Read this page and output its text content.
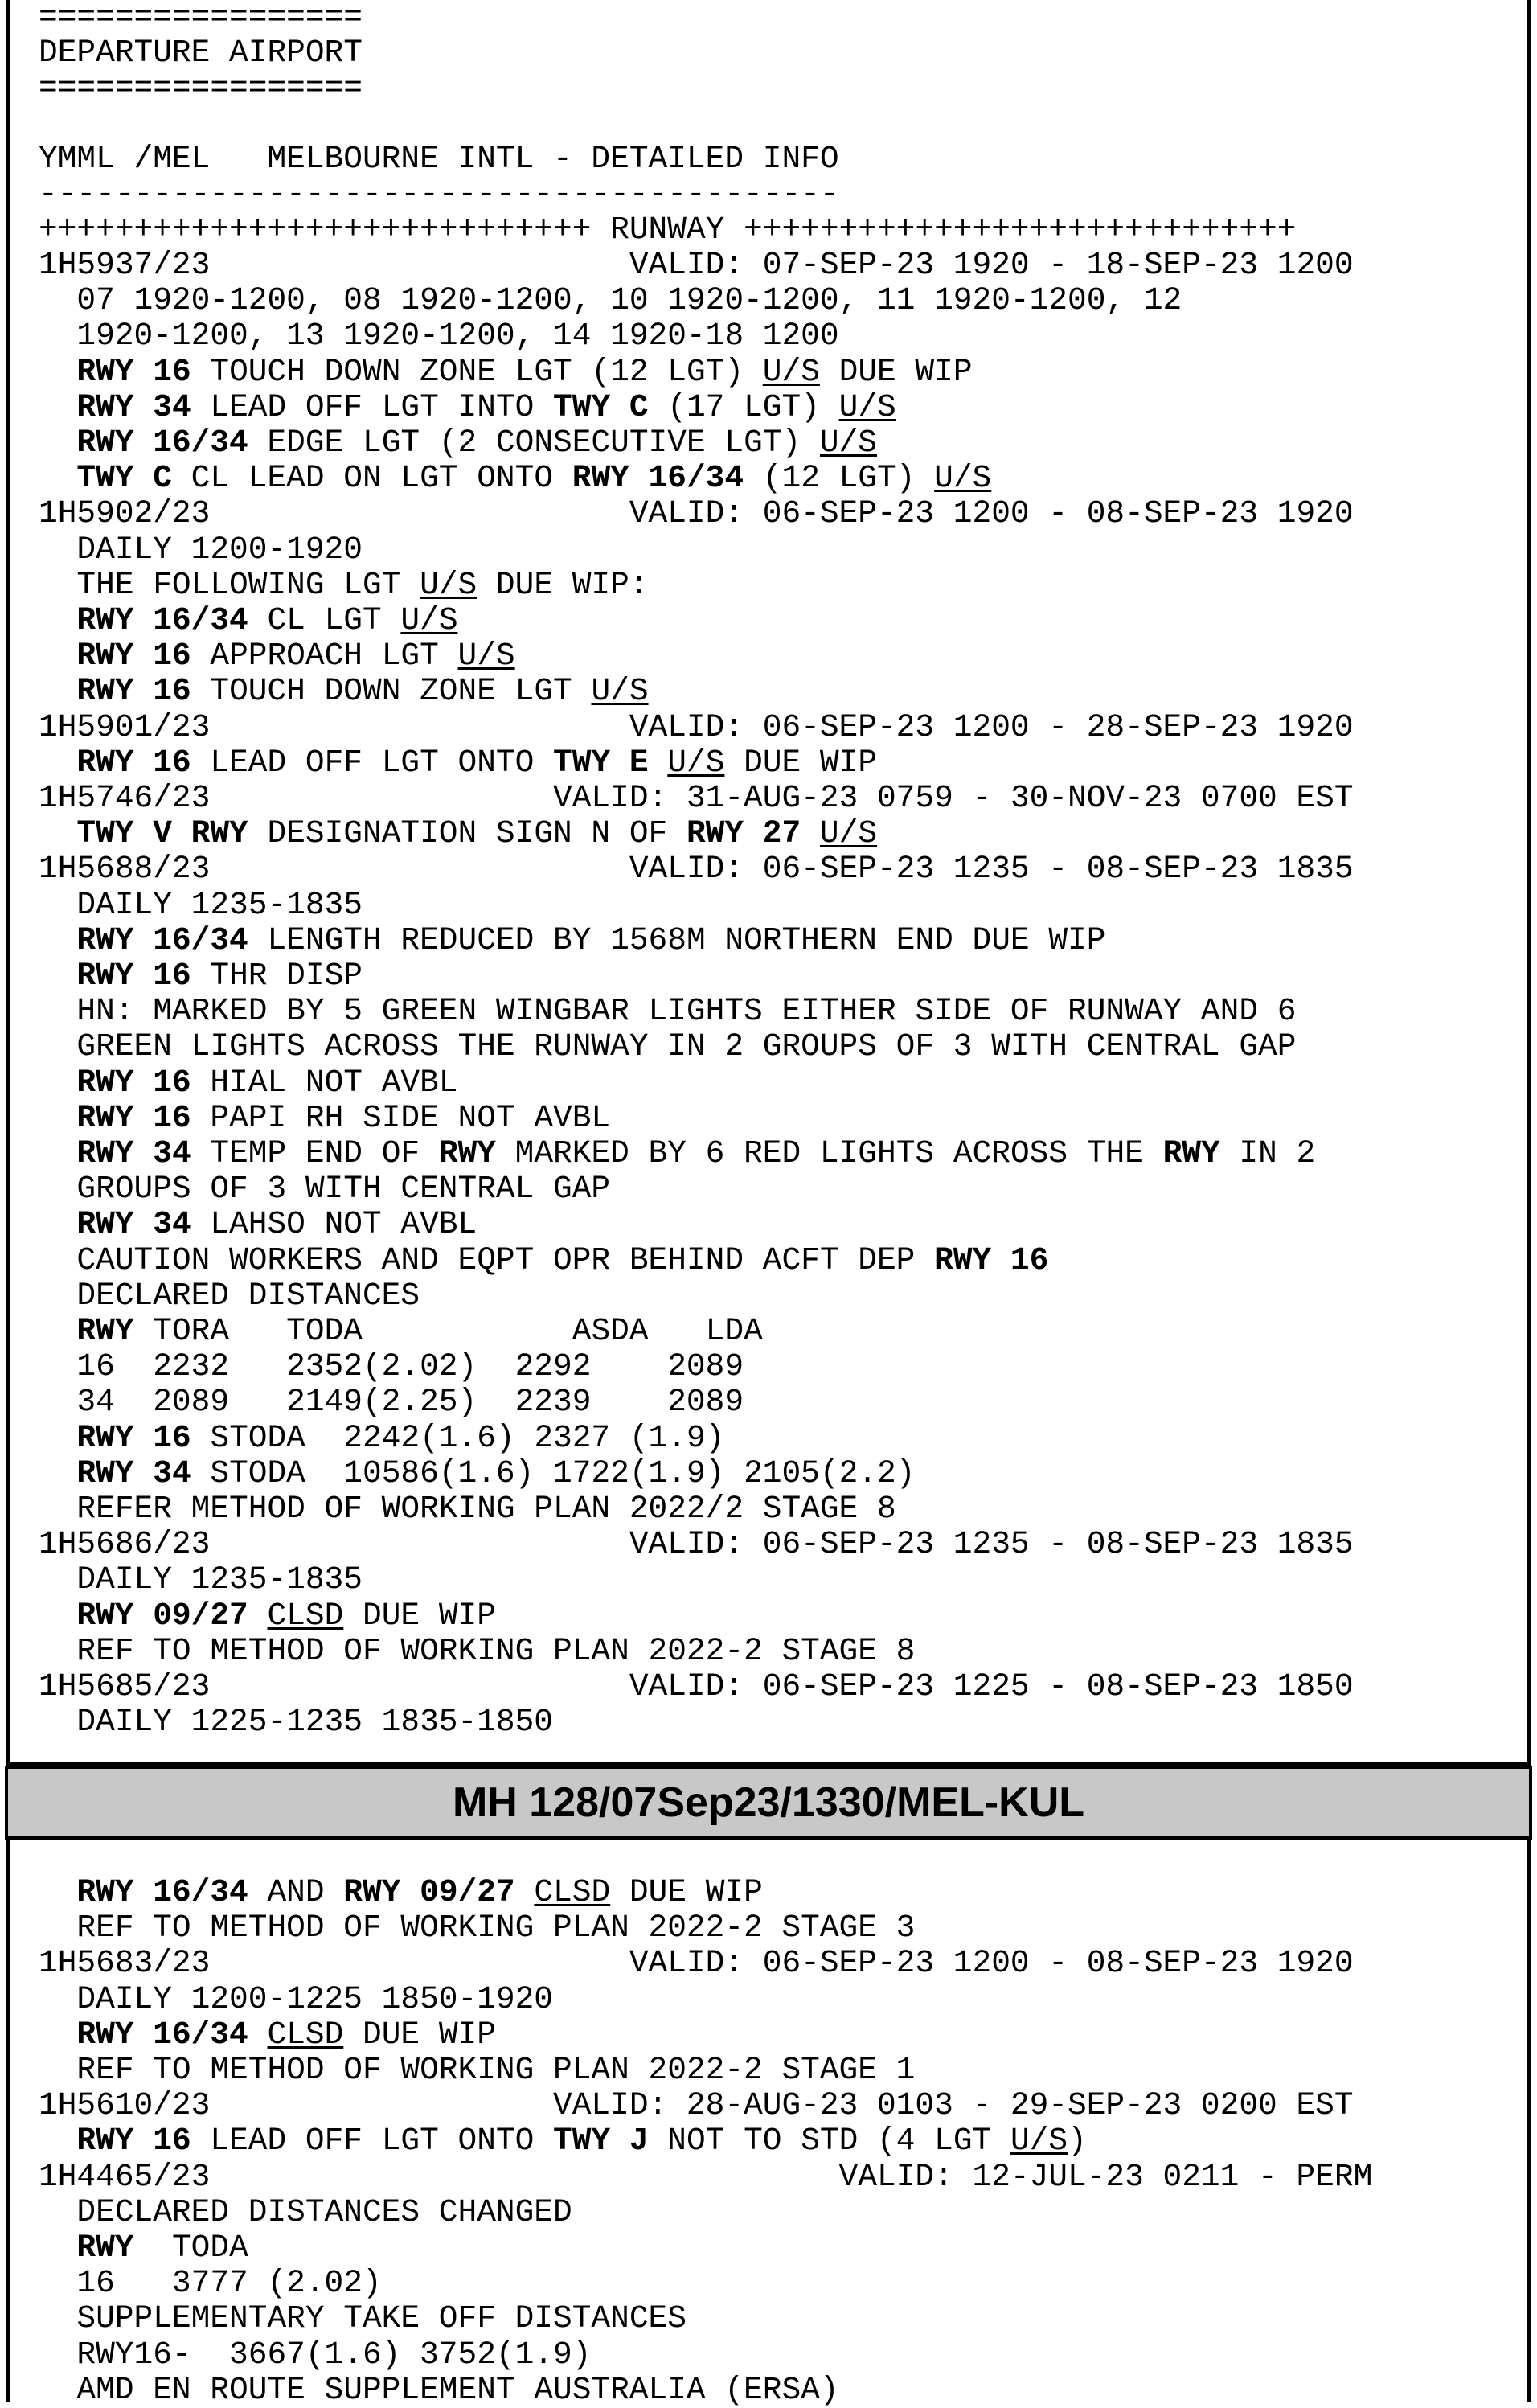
MH 128/07Sep23/1330/MEL-KUL
=================
DEPARTURE AIRPORT
=================
YMML /MEL   MELBOURNE INTL - DETAILED INFO
------------------------------------------
+++++++++++++++++++++++++++++ RUNWAY +++++++++++++++++++++++++++++
1H5937/23                      VALID: 07-SEP-23 1920 - 18-SEP-23 1200
07 1920-1200, 08 1920-1200, 10 1920-1200, 11 1920-1200, 12
1920-1200, 13 1920-1200, 14 1920-18 1200
RWY 16 TOUCH DOWN ZONE LGT (12 LGT) U/S DUE WIP
RWY 34 LEAD OFF LGT INTO TWY C (17 LGT) U/S
RWY 16/34 EDGE LGT (2 CONSECUTIVE LGT) U/S
TWY C CL LEAD ON LGT ONTO RWY 16/34 (12 LGT) U/S
1H5902/23                      VALID: 06-SEP-23 1200 - 08-SEP-23 1920
DAILY 1200-1920
THE FOLLOWING LGT U/S DUE WIP:
RWY 16/34 CL LGT U/S
RWY 16 APPROACH LGT U/S
RWY 16 TOUCH DOWN ZONE LGT U/S
1H5901/23                      VALID: 06-SEP-23 1200 - 28-SEP-23 1920
RWY 16 LEAD OFF LGT ONTO TWY E U/S DUE WIP
1H5746/23                  VALID: 31-AUG-23 0759 - 30-NOV-23 0700 EST
TWY V RWY DESIGNATION SIGN N OF RWY 27 U/S
1H5688/23                      VALID: 06-SEP-23 1235 - 08-SEP-23 1835
DAILY 1235-1835
RWY 16/34 LENGTH REDUCED BY 1568M NORTHERN END DUE WIP
RWY 16 THR DISP
HN: MARKED BY 5 GREEN WINGBAR LIGHTS EITHER SIDE OF RUNWAY AND 6
GREEN LIGHTS ACROSS THE RUNWAY IN 2 GROUPS OF 3 WITH CENTRAL GAP
RWY 16 HIAL NOT AVBL
RWY 16 PAPI RH SIDE NOT AVBL
RWY 34 TEMP END OF RWY MARKED BY 6 RED LIGHTS ACROSS THE RWY IN 2
GROUPS OF 3 WITH CENTRAL GAP
RWY 34 LAHSO NOT AVBL
CAUTION WORKERS AND EQPT OPR BEHIND ACFT DEP RWY 16
DECLARED DISTANCES
RWY TORA   TODA           ASDA   LDA
16  2232   2352(2.02)  2292    2089
34  2089   2149(2.25)  2239    2089
RWY 16 STODA  2242(1.6) 2327 (1.9)
RWY 34 STODA  10586(1.6) 1722(1.9) 2105(2.2)
REFER METHOD OF WORKING PLAN 2022/2 STAGE 8
1H5686/23                      VALID: 06-SEP-23 1235 - 08-SEP-23 1835
DAILY 1235-1835
RWY 09/27 CLSD DUE WIP
REF TO METHOD OF WORKING PLAN 2022-2 STAGE 8
1H5685/23                      VALID: 06-SEP-23 1225 - 08-SEP-23 1850
DAILY 1225-1235 1835-1850
RWY 16/34 AND RWY 09/27 CLSD DUE WIP
REF TO METHOD OF WORKING PLAN 2022-2 STAGE 3
1H5683/23                      VALID: 06-SEP-23 1200 - 08-SEP-23 1920
DAILY 1200-1225 1850-1920
RWY 16/34 CLSD DUE WIP
REF TO METHOD OF WORKING PLAN 2022-2 STAGE 1
1H5610/23                  VALID: 28-AUG-23 0103 - 29-SEP-23 0200 EST
RWY 16 LEAD OFF LGT ONTO TWY J NOT TO STD (4 LGT U/S)
1H4465/23                                 VALID: 12-JUL-23 0211 - PERM
DECLARED DISTANCES CHANGED
RWY  TODA
16   3777 (2.02)
SUPPLEMENTARY TAKE OFF DISTANCES
RWY16-  3667(1.6) 3752(1.9)
AMD EN ROUTE SUPPLEMENT AUSTRALIA (ERSA)
